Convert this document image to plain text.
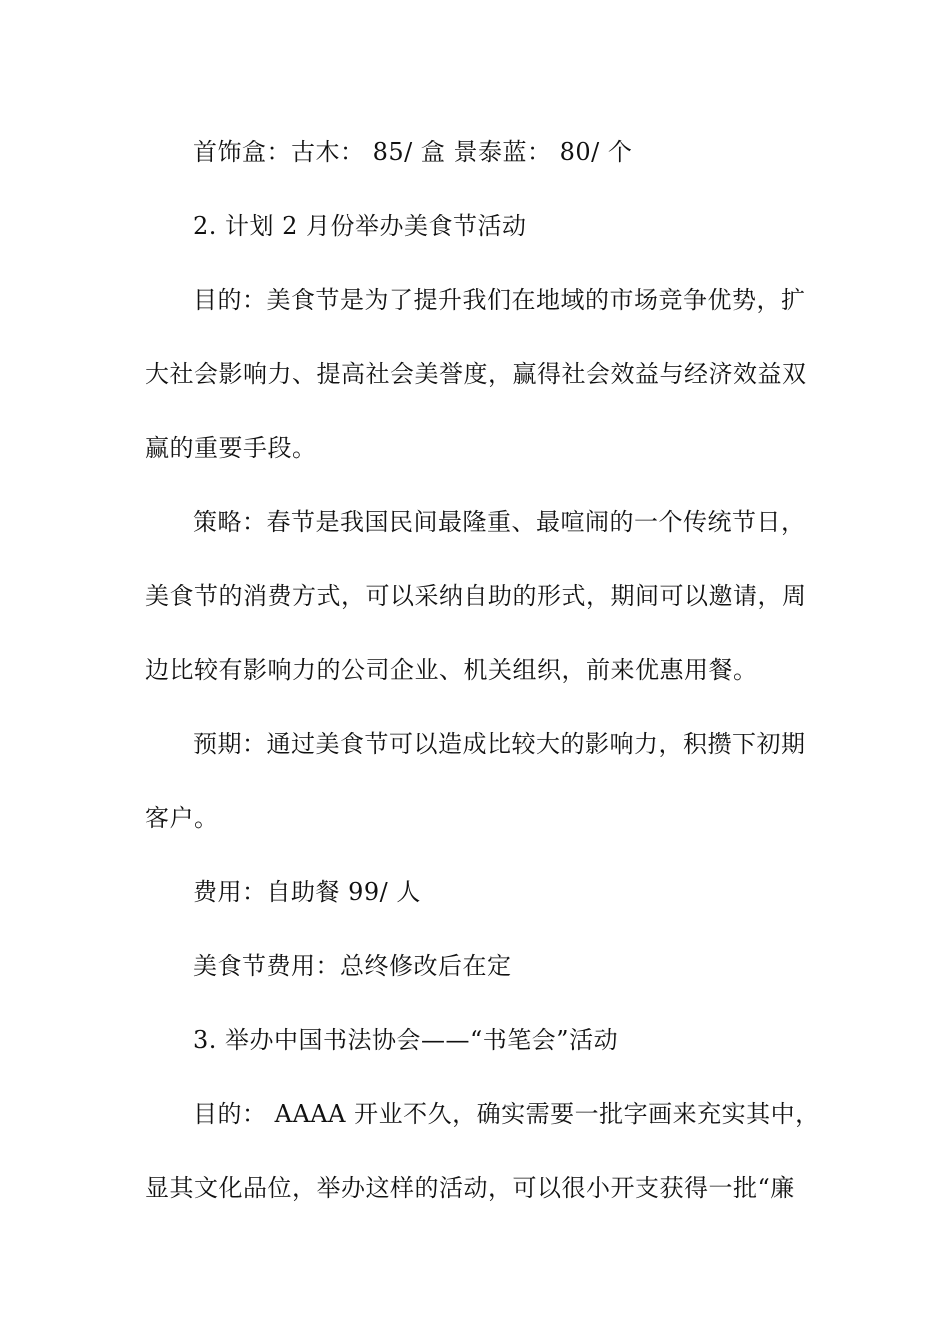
首饰盒：古木： 85/ 盒 景泰蓝： 80/ 个
2. 计划 2 月份举办美食节活动
目的：美食节是为了提升我们在地域的市场竞争优势，扩
大社会影响力、提高社会美誉度，赢得社会效益与经济效益双
赢的重要手段。
策略：春节是我国民间最隆重、最喧闹的一个传统节日，
美食节的消费方式，可以采纳自助的形式，期间可以邀请，周
边比较有影响力的公司企业、机关组织，前来优惠用餐。
预期：通过美食节可以造成比较大的影响力，积攒下初期
客户。
费用：自助餐 99/ 人
美食节费用：总终修改后在定
3. 举办中国书法协会——“书笔会”活动
目的： AAAA 开业不久，确实需要一批字画来充实其中，
显其文化品位，举办这样的活动，可以很小开支获得一批“廉
